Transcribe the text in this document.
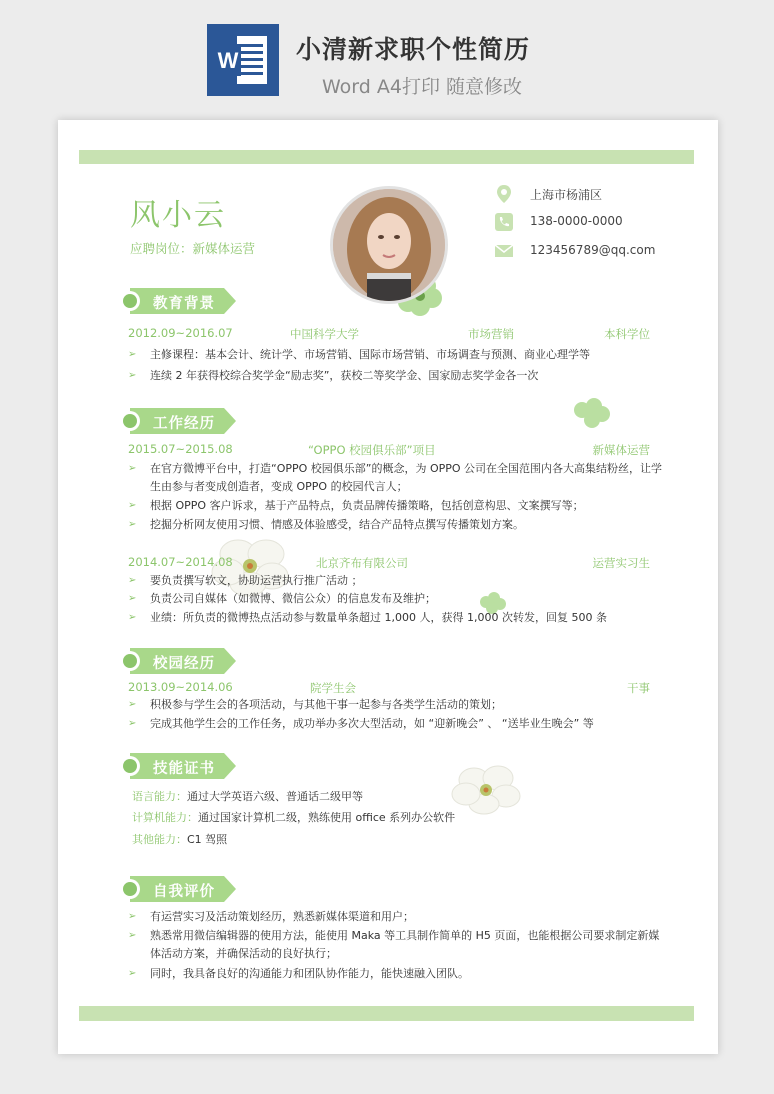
W	小清新求职个性简历
Word A4打印 随意修改
风小云
应聘岗位：新媒体运营
上海市杨浦区
138-0000-0000
123456789@qq.com
教育背景
2012.09~2016.07	中国科学大学	市场营销	本科学位
➢	主修课程：基本会计、统计学、市场营销、国际市场营销、市场调查与预测、商业心理学等
➢	连续 2 年获得校综合奖学金“励志奖”，获校二等奖学金、国家励志奖学金各一次
工作经历
2015.07~2015.08	“OPPO 校园俱乐部”项目	新媒体运营
➢	在官方微博平台中，打造“OPPO 校园俱乐部”的概念，为 OPPO 公司在全国范围内各大高集结粉丝，让学生由参与者变成创造者，变成 OPPO 的校园代言人；
➢	根据 OPPO 客户诉求，基于产品特点，负责品牌传播策略，包括创意构思、文案撰写等；
➢	挖掘分析网友使用习惯、情感及体验感受，结合产品特点撰写传播策划方案。
2014.07~2014.08	北京齐布有限公司	运营实习生
➢	要负责撰写软文，协助运营执行推广活动 ；
➢	负责公司自媒体（如微博、微信公众）的信息发布及维护；
➢	业绩：所负责的微博热点活动参与数量单条超过 1,000 人，获得 1,000 次转发，回复 500 条
校园经历
2013.09~2014.06	院学生会	干事
➢	积极参与学生会的各项活动，与其他干事一起参与各类学生活动的策划；
➢	完成其他学生会的工作任务，成功举办多次大型活动，如 “迎新晚会” 、 “送毕业生晚会” 等
技能证书
语言能力：通过大学英语六级、普通话二级甲等
计算机能力：通过国家计算机二级，熟练使用 office 系列办公软件
其他能力：C1 驾照
自我评价
➢	有运营实习及活动策划经历，熟悉新媒体渠道和用户；
➢	熟悉常用微信编辑器的使用方法，能使用 Maka 等工具制作简单的 H5 页面，也能根据公司要求制定新媒体活动方案，并确保活动的良好执行；
➢	同时，我具备良好的沟通能力和团队协作能力，能快速融入团队。
